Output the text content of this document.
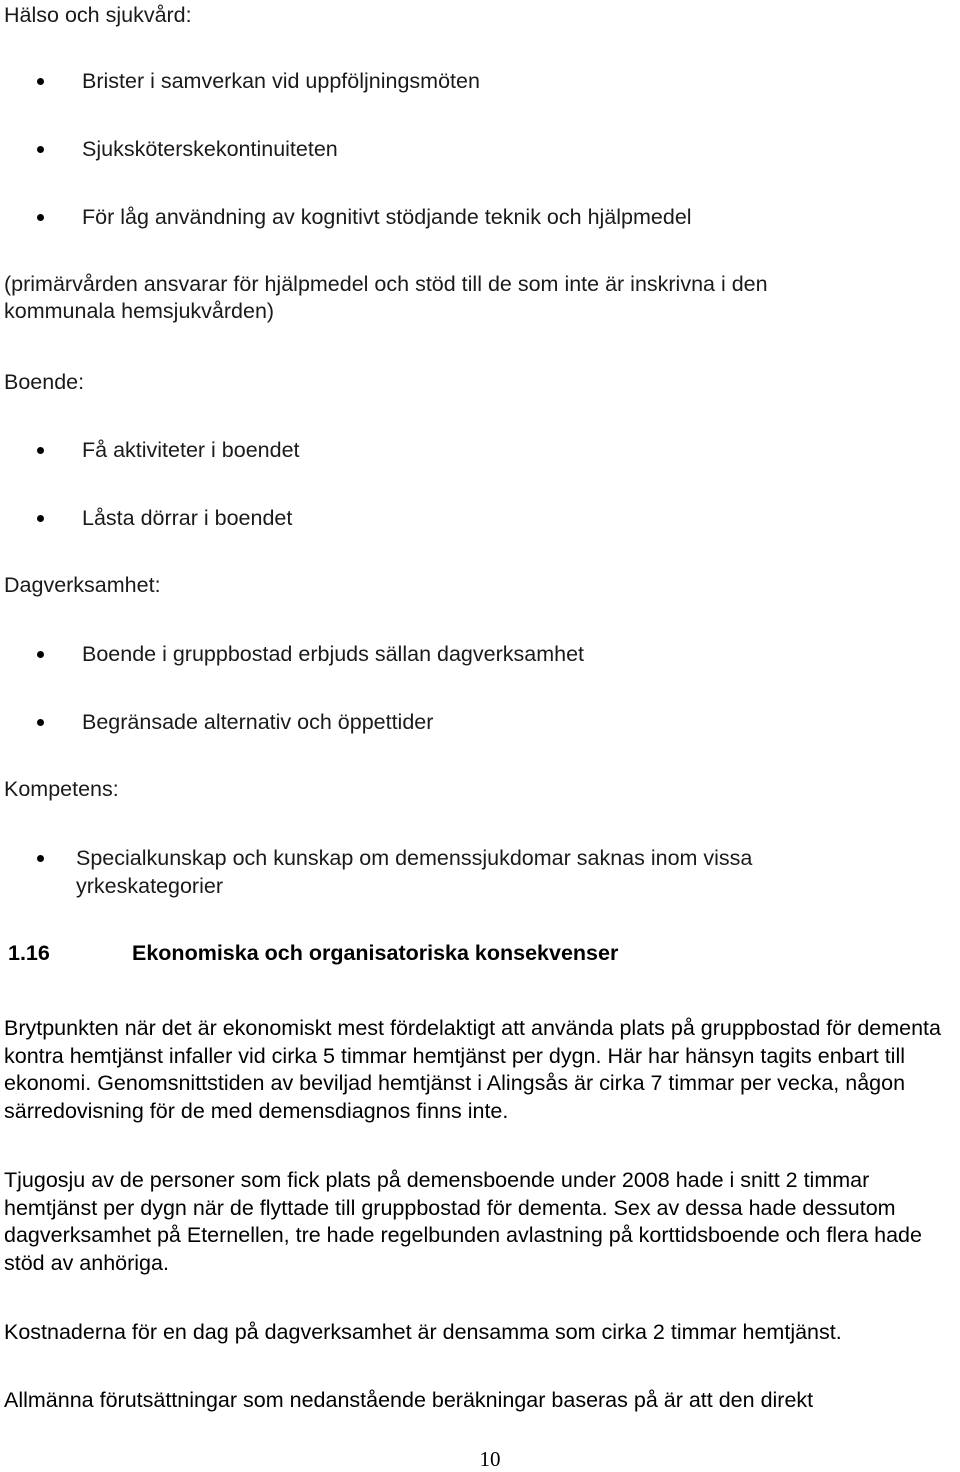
Hälso och sjukvård:

Brister i samverkan vid uppföljningsmöten
Sjuksköterskekontinuiteten
För låg användning av kognitivt stödjande teknik och hjälpmedel

(primärvården ansvarar för hjälpmedel och stöd till de som inte är inskrivna i den

kommunala hemsjukvården)

Boende:

Få aktiviteter i boendet
Låsta dörrar i boendet

Dagverksamhet:

Boende i gruppbostad erbjuds sällan dagverksamhet
Begränsade alternativ och öppettider

Kompetens:

Specialkunskap och kunskap om demenssjukdomar saknas inom vissa
yrkeskategorier
1.16	Ekonomiska och organisatoriska konsekvenser

Brytpunkten när det är ekonomiskt mest fördelaktigt att använda plats på gruppbostad för dementa kontra hemtjänst infaller vid cirka 5 timmar hemtjänst per dygn. Här har hänsyn tagits enbart till ekonomi. Genomsnittstiden av beviljad hemtjänst i Alingsås är cirka 7 timmar per vecka, någon särredovisning för de med demensdiagnos finns inte.

Tjugosju av de personer som fick plats på demensboende under 2008 hade i snitt 2 timmar hemtjänst per dygn när de flyttade till gruppbostad för dementa. Sex av dessa hade dessutom dagverksamhet på Eternellen, tre hade regelbunden avlastning på korttidsboende och flera hade stöd av anhöriga.

Kostnaderna för en dag på dagverksamhet är densamma som cirka 2 timmar hemtjänst.

Allmänna förutsättningar som nedanstående beräkningar baseras på är att den direkt

10
